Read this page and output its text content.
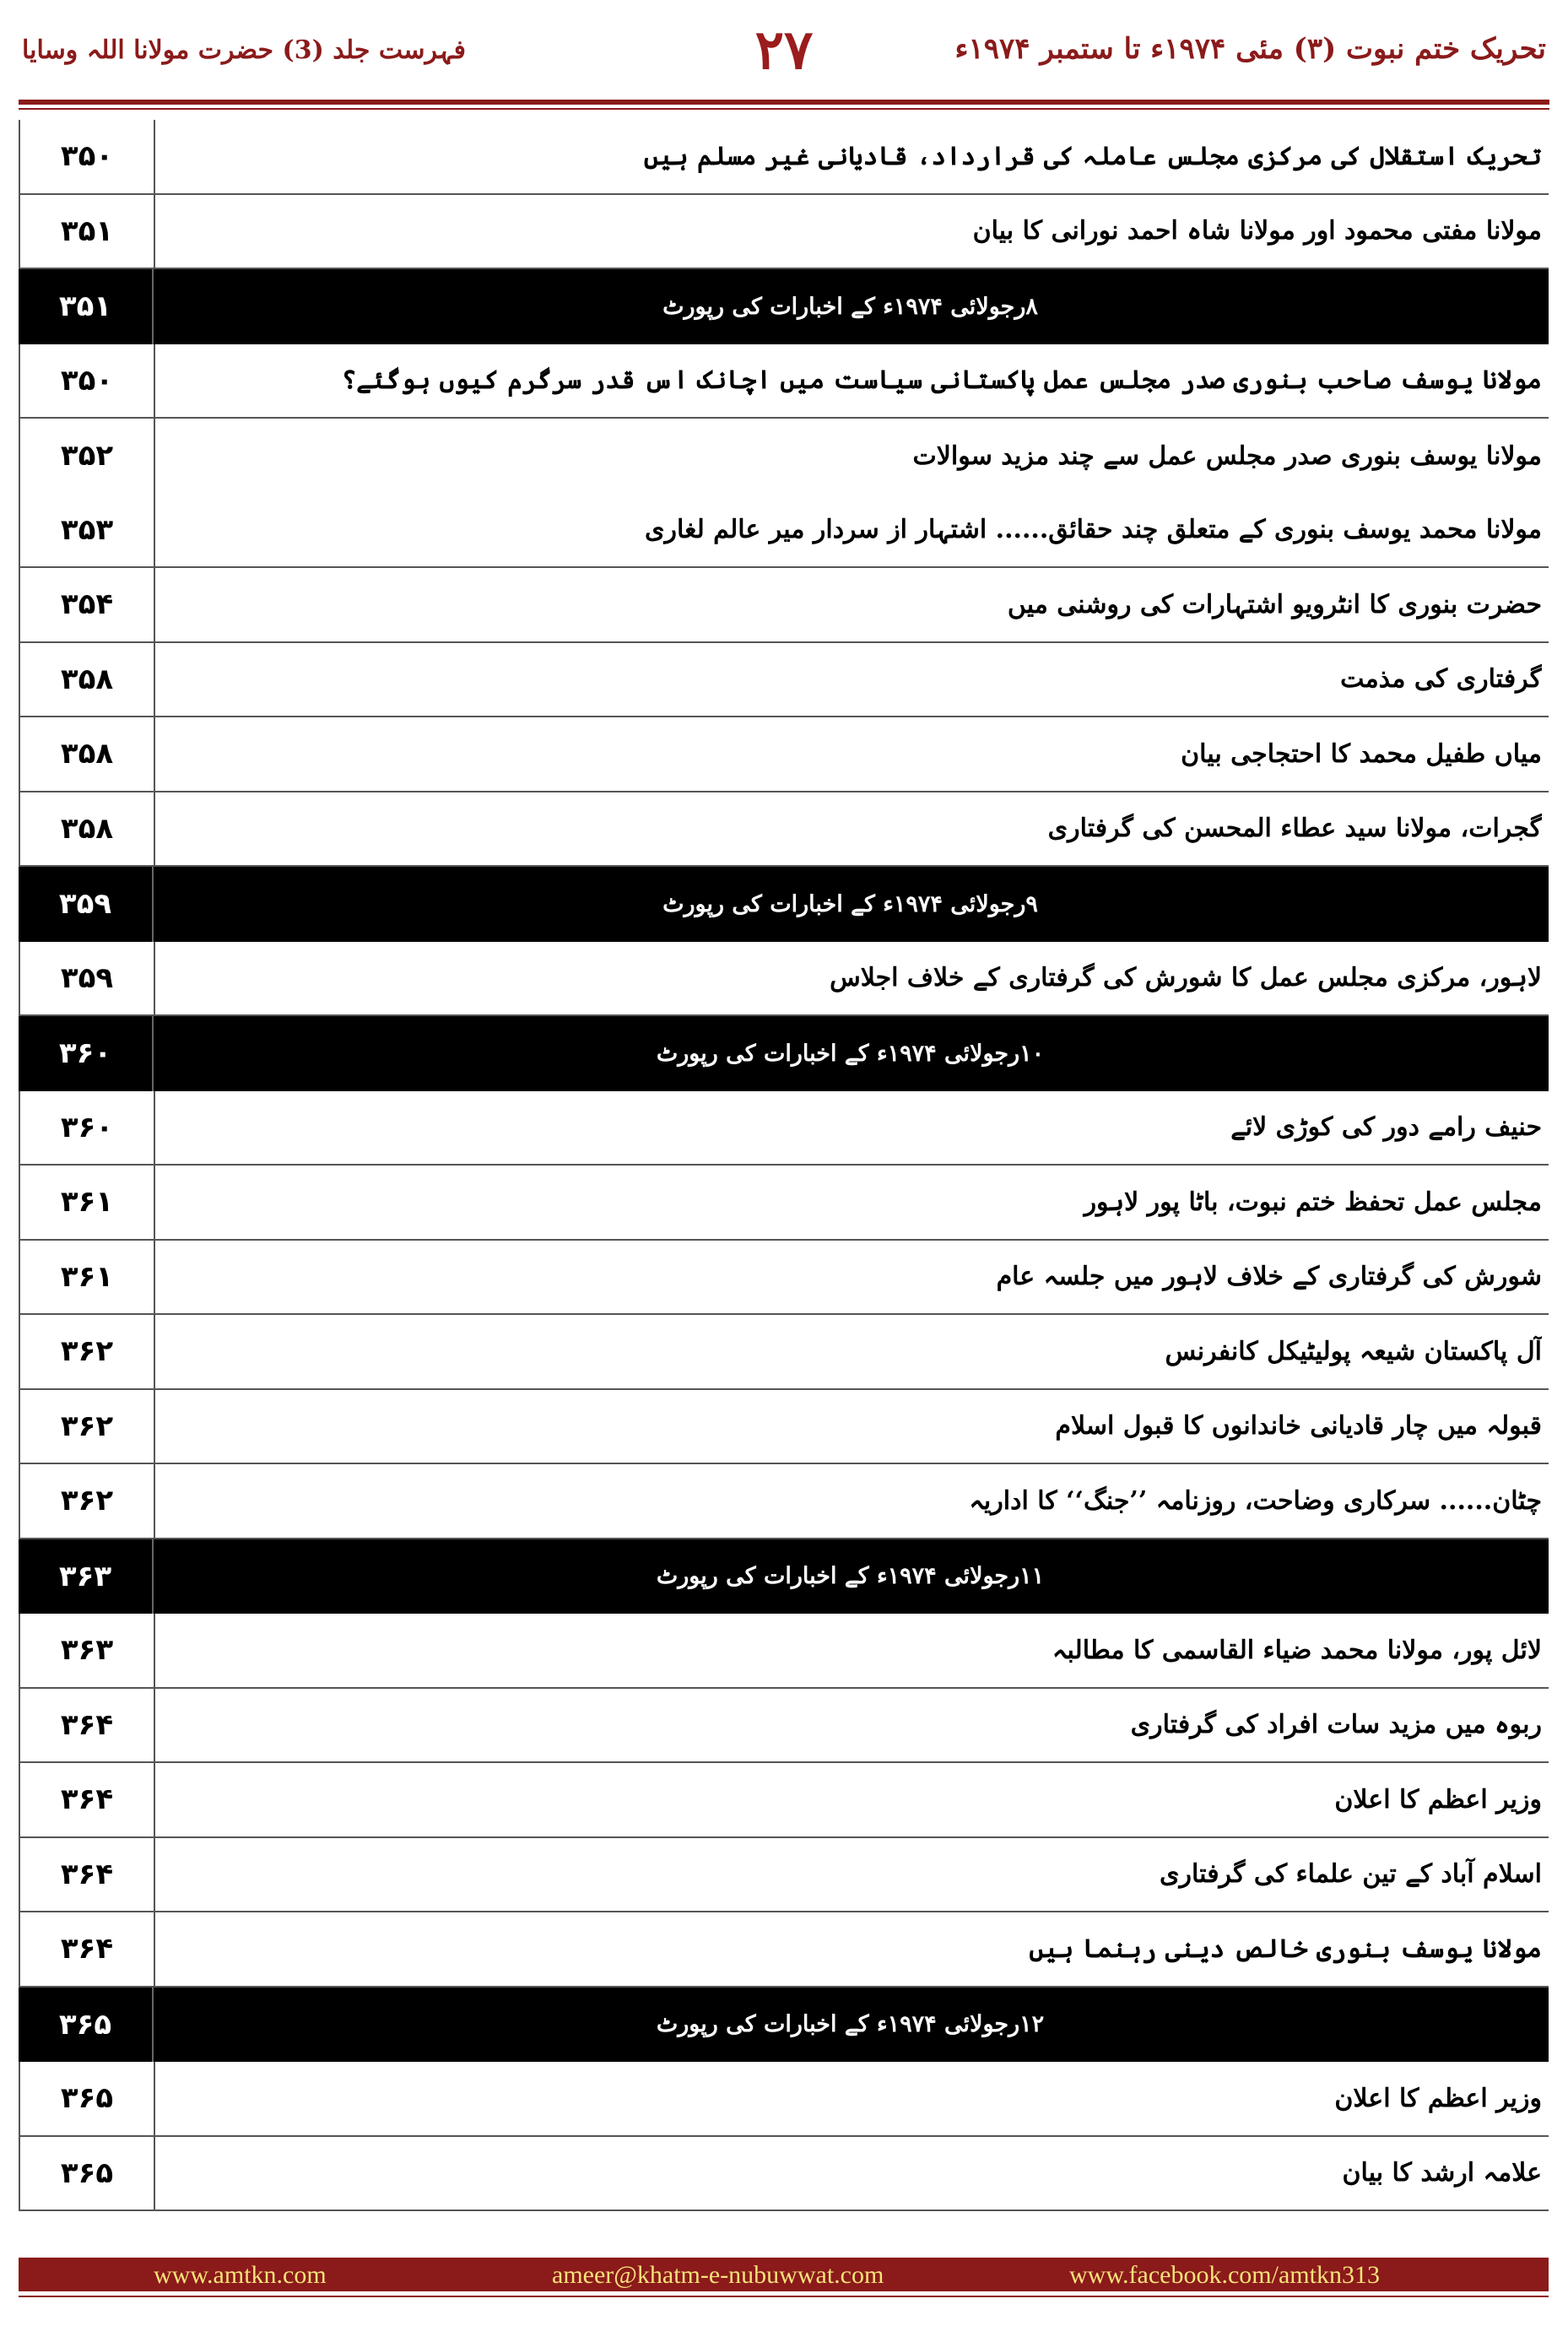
تحریک ختم نبوت (۳) مئی ۱۹۷۴ء تا ستمبر ۱۹۷۴ء
۲۷
فہرست جلد (3) حضرت مولانا اللہ وسایا
۳۵۰	تحریک استقلال کی مرکزی مجلس عاملہ کی قرارداد، قادیانی غیر مسلم ہیں
۳۵۱	مولانا مفتی محمود اور مولانا شاہ احمد نورانی کا بیان
۳۵۱	۸رجولائی ۱۹۷۴ء کے اخبارات کی رپورٹ
۳۵۰	مولانا یوسف صاحب بنوری صدر مجلس عمل پاکستانی سیاست میں اچانک اس قدر سرگرم کیوں ہوگئے؟
۳۵۲	مولانا یوسف بنوری صدر مجلس عمل سے چند مزید سوالات
۳۵۳	مولانا محمد یوسف بنوری کے متعلق چند حقائق...... اشتہار از سردار میر عالم لغاری
۳۵۴	حضرت بنوری کا انٹرویو اشتہارات کی روشنی میں
۳۵۸	گرفتاری کی مذمت
۳۵۸	میاں طفیل محمد کا احتجاجی بیان
۳۵۸	گجرات، مولانا سید عطاء المحسن کی گرفتاری
۳۵۹	۹رجولائی ۱۹۷۴ء کے اخبارات کی رپورٹ
۳۵۹	لاہور، مرکزی مجلس عمل کا شورش کی گرفتاری کے خلاف اجلاس
۳۶۰	۱۰رجولائی ۱۹۷۴ء کے اخبارات کی رپورٹ
۳۶۰	حنیف رامے دور کی کوڑی لائے
۳۶۱	مجلس عمل تحفظ ختم نبوت، باٹا پور لاہور
۳۶۱	شورش کی گرفتاری کے خلاف لاہور میں جلسہ عام
۳۶۲	آل پاکستان شیعہ پولیٹیکل کانفرنس
۳۶۲	قبولہ میں چار قادیانی خاندانوں کا قبول اسلام
۳۶۲	چٹان...... سرکاری وضاحت، روزنامہ ’’جنگ‘‘ کا اداریہ
۳۶۳	۱۱رجولائی ۱۹۷۴ء کے اخبارات کی رپورٹ
۳۶۳	لائل پور، مولانا محمد ضیاء القاسمی کا مطالبہ
۳۶۴	ربوہ میں مزید سات افراد کی گرفتاری
۳۶۴	وزیر اعظم کا اعلان
۳۶۴	اسلام آباد کے تین علماء کی گرفتاری
۳۶۴	مولانا یوسف بنوری خالص دینی رہنما ہیں
۳۶۵	۱۲رجولائی ۱۹۷۴ء کے اخبارات کی رپورٹ
۳۶۵	وزیر اعظم کا اعلان
۳۶۵	علامہ ارشد کا بیان
www.amtkn.com	ameer@khatm-e-nubuwwat.com	www.facebook.com/amtkn313
